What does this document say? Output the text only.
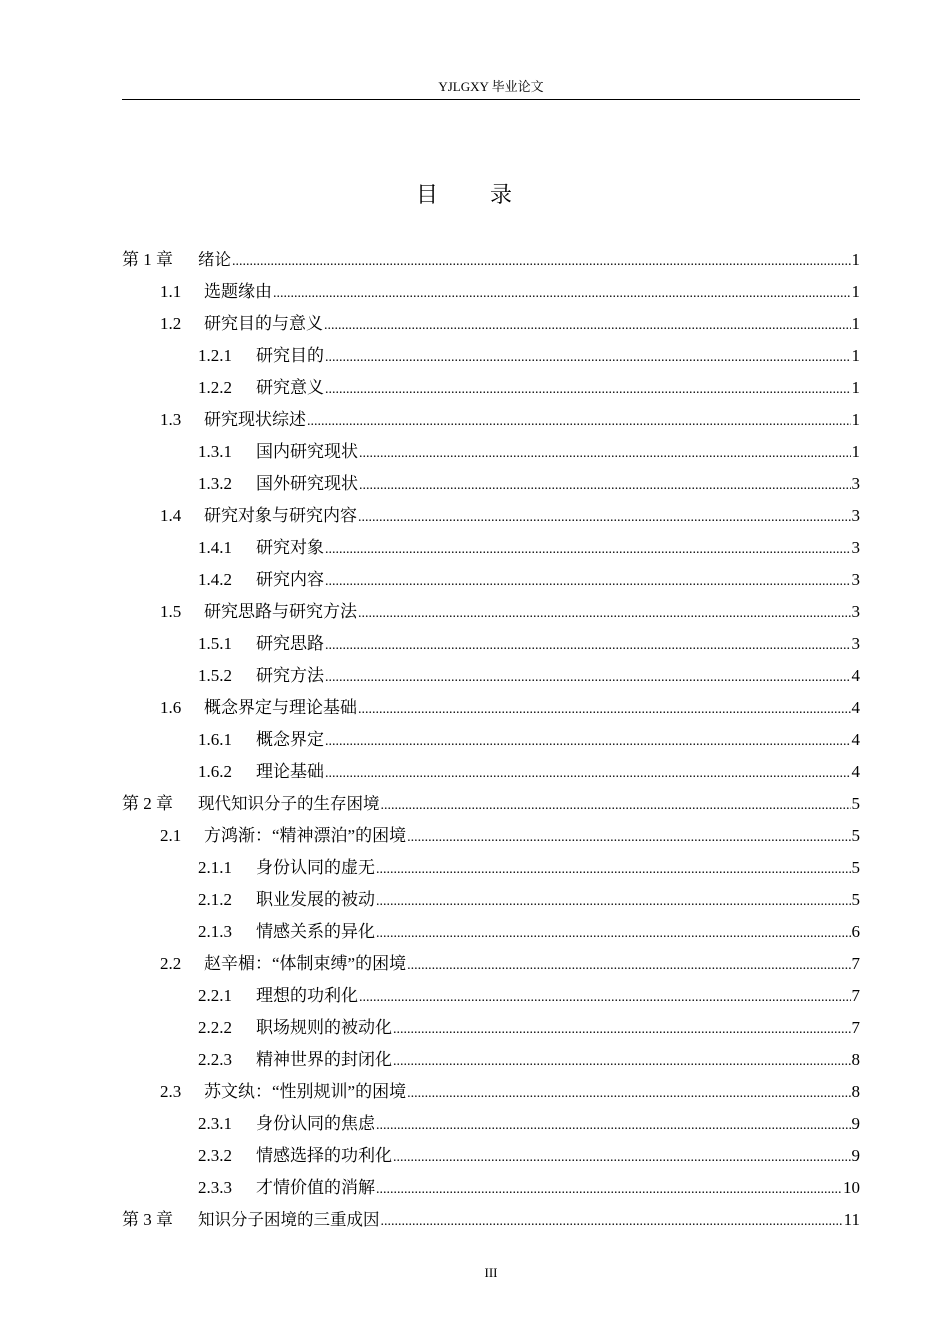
YJLGXY 毕业论文
目录
第 1 章	绪论 .....	1
1.1	选题缘由 .....	1
1.2	研究目的与意义 .....	1
1.2.1	研究目的 .....	1
1.2.2	研究意义 .....	1
1.3	研究现状综述 .....	1
1.3.1	国内研究现状 .....	1
1.3.2	国外研究现状 .....	3
1.4	研究对象与研究内容 .....	3
1.4.1	研究对象 .....	3
1.4.2	研究内容 .....	3
1.5	研究思路与研究方法 .....	3
1.5.1	研究思路 .....	3
1.5.2	研究方法 .....	4
1.6	概念界定与理论基础 .....	4
1.6.1	概念界定 .....	4
1.6.2	理论基础 .....	4
第 2 章	现代知识分子的生存困境 .....	5
2.1	方鸿渐：“精神漂泊”的困境 .....	5
2.1.1	身份认同的虚无 .....	5
2.1.2	职业发展的被动 .....	5
2.1.3	情感关系的异化 .....	6
2.2	赵辛楣：“体制束缚”的困境 .....	7
2.2.1	理想的功利化 .....	7
2.2.2	职场规则的被动化 .....	7
2.2.3	精神世界的封闭化 .....	8
2.3	苏文纨：“性别规训”的困境 .....	8
2.3.1	身份认同的焦虑 .....	9
2.3.2	情感选择的功利化 .....	9
2.3.3	才情价值的消解 .....	10
第 3 章	知识分子困境的三重成因 .....	11
III
